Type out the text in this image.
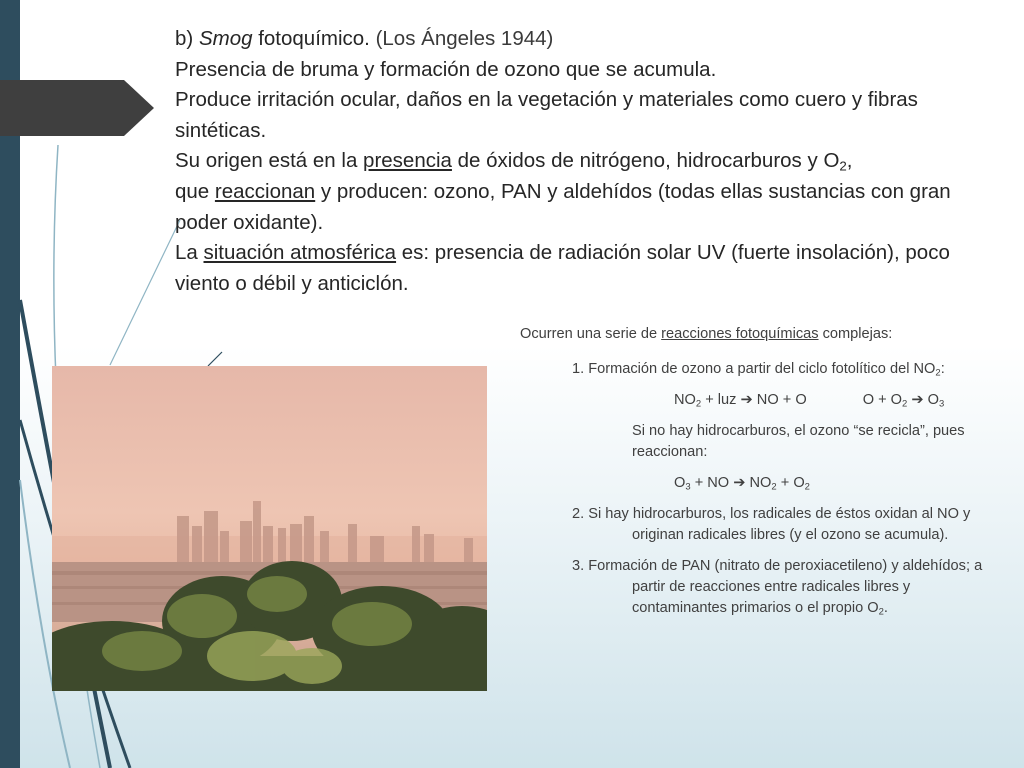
b) Smog fotoquímico. (Los Ángeles 1944)

Presencia de bruma y formación de ozono que se acumula.

Produce irritación ocular, daños en la vegetación y materiales como cuero y fibras sintéticas.

Su origen está en la presencia de óxidos de nitrógeno, hidrocarburos y $O_2$,
que reaccionan y producen: ozono, PAN y aldehídos (todas ellas sustancias con gran poder oxidante).

La situación atmosférica es: presencia de radiación solar UV (fuerte insolación), poco viento o débil y anticiclón.

Ocurren una serie de reacciones fotoquímicas complejas:

1. Formación de ozono a partir del ciclo fotolítico del $NO_2$:

$NO_2$ + luz ➔ NO + O	$O + O_2$ ➔ $O_3$

Si no hay hidrocarburos, el ozono “se recicla”, pues reaccionan:

$O_3$ + NO ➔ $NO_2 + O_2$

2. Si hay hidrocarburos, los radicales de éstos oxidan al NO y originan radicales libres (y el ozono se acumula).

3. Formación de PAN (nitrato de peroxiacetileno) y aldehídos; a partir de reacciones entre radicales libres y contaminantes primarios o el propio $O_2$.
